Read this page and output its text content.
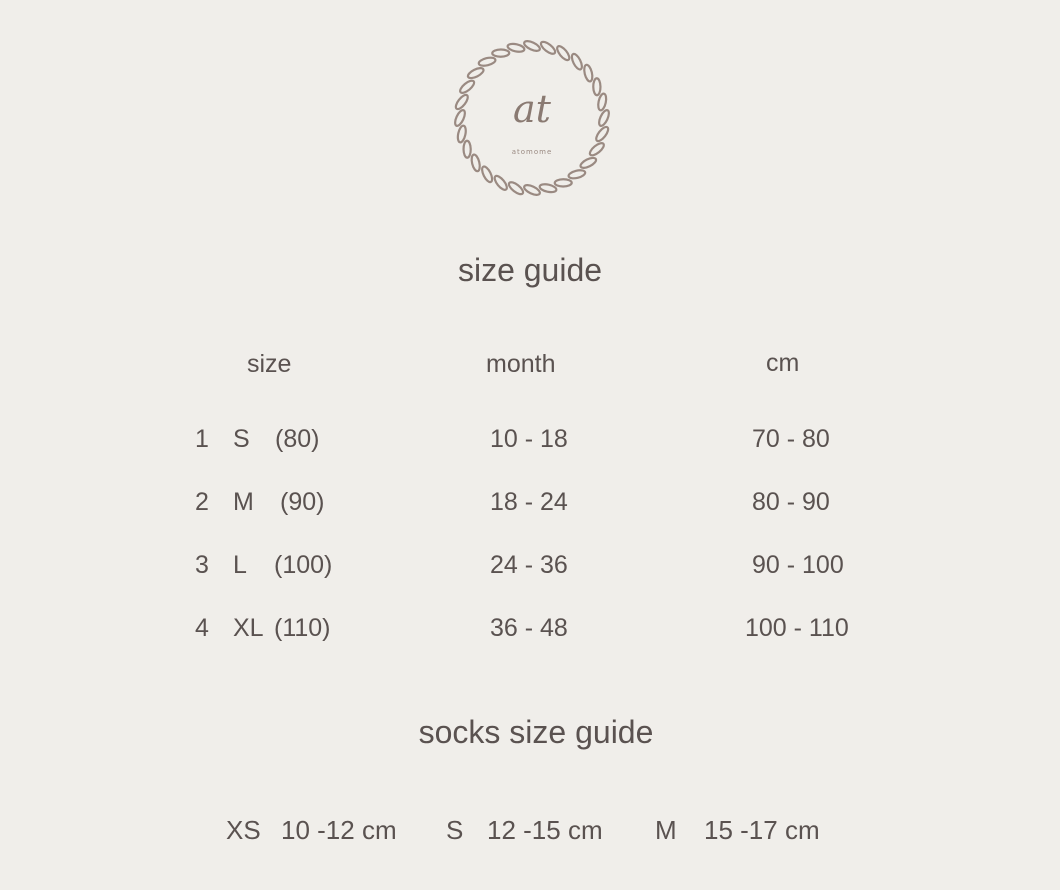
at
atomome
size guide
size	month	cm
1 S (80)	10 - 18	70 - 80
2 M (90)	18 - 24	80 - 90
3 L (100)	24 - 36	90 - 100
4 XL (110)	36 - 48	100 - 110
socks size guide
XS 10 -12 cm S 12 -15 cm M 15 -17 cm
